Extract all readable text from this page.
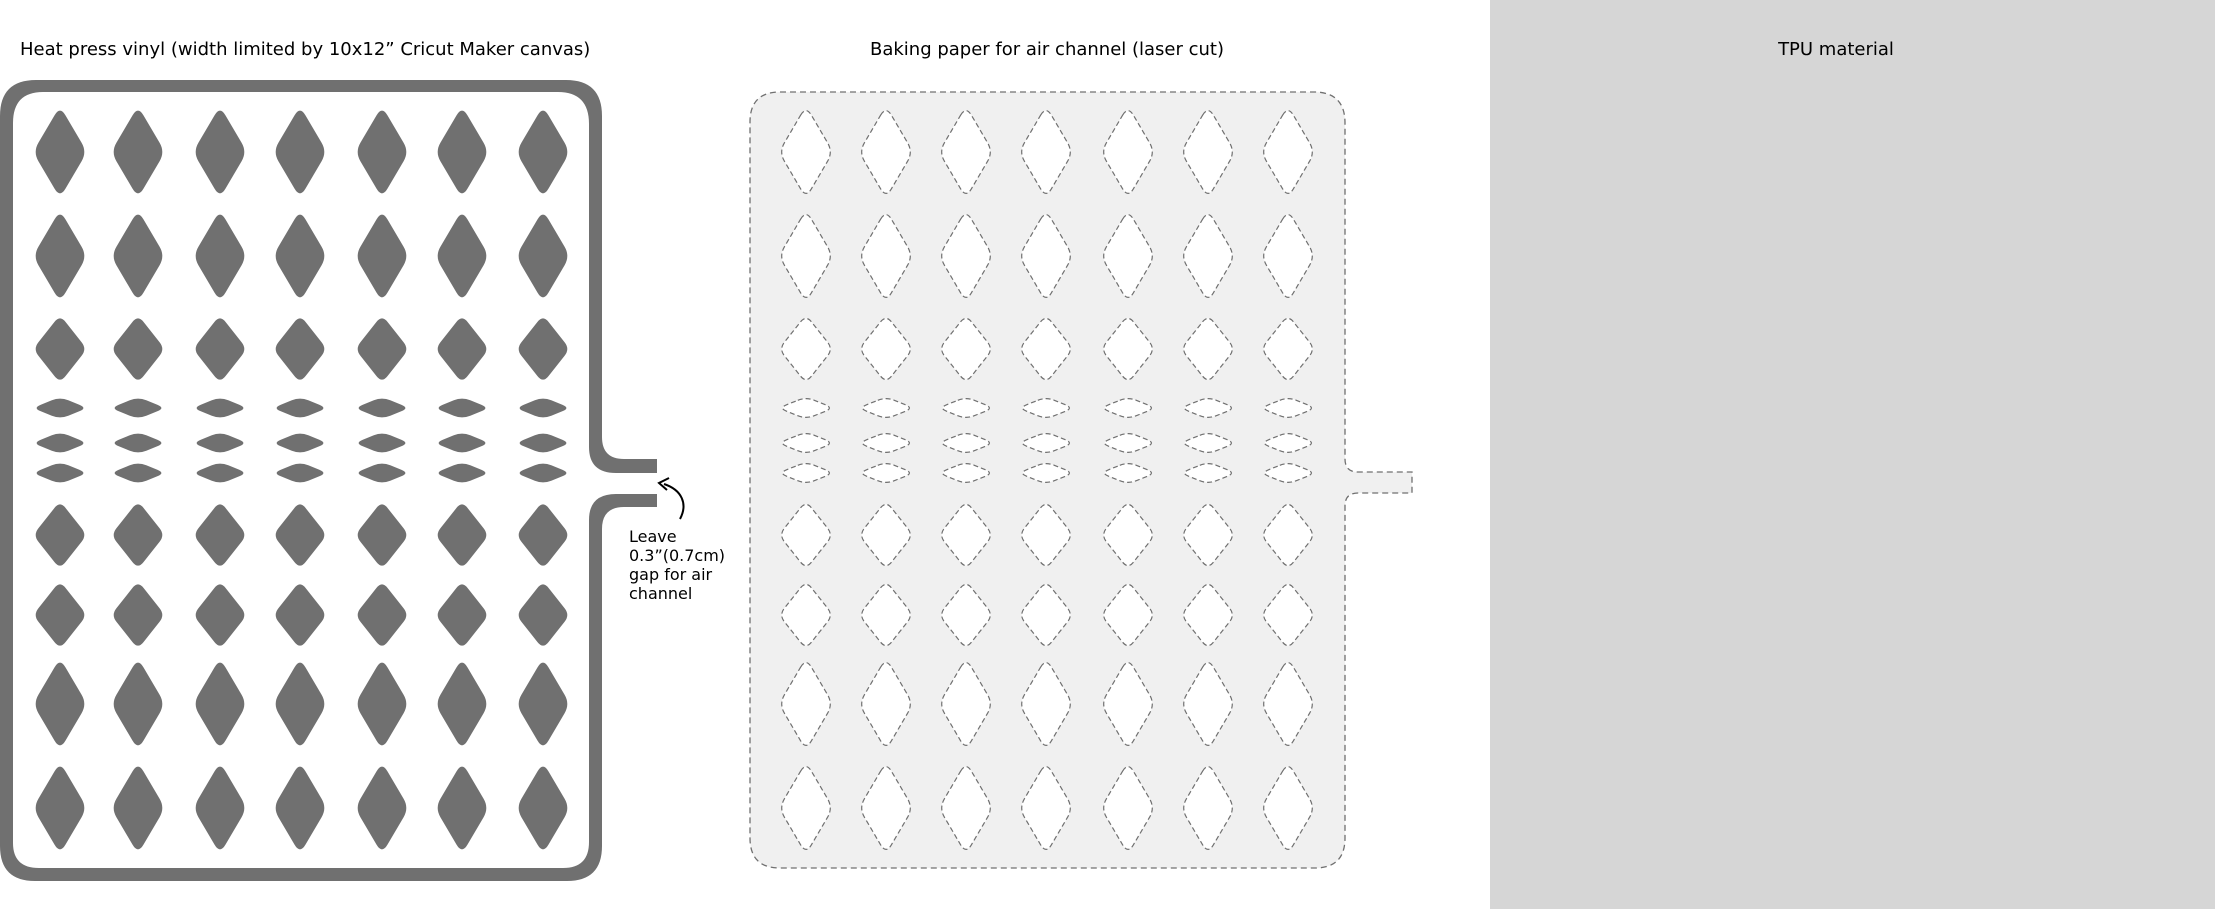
Heat press vinyl (width limited by 10x12” Cricut Maker canvas)	Baking paper for air channel (laser cut)	TPU material
Leave 0.3”(0.7cm) gap for air channel
